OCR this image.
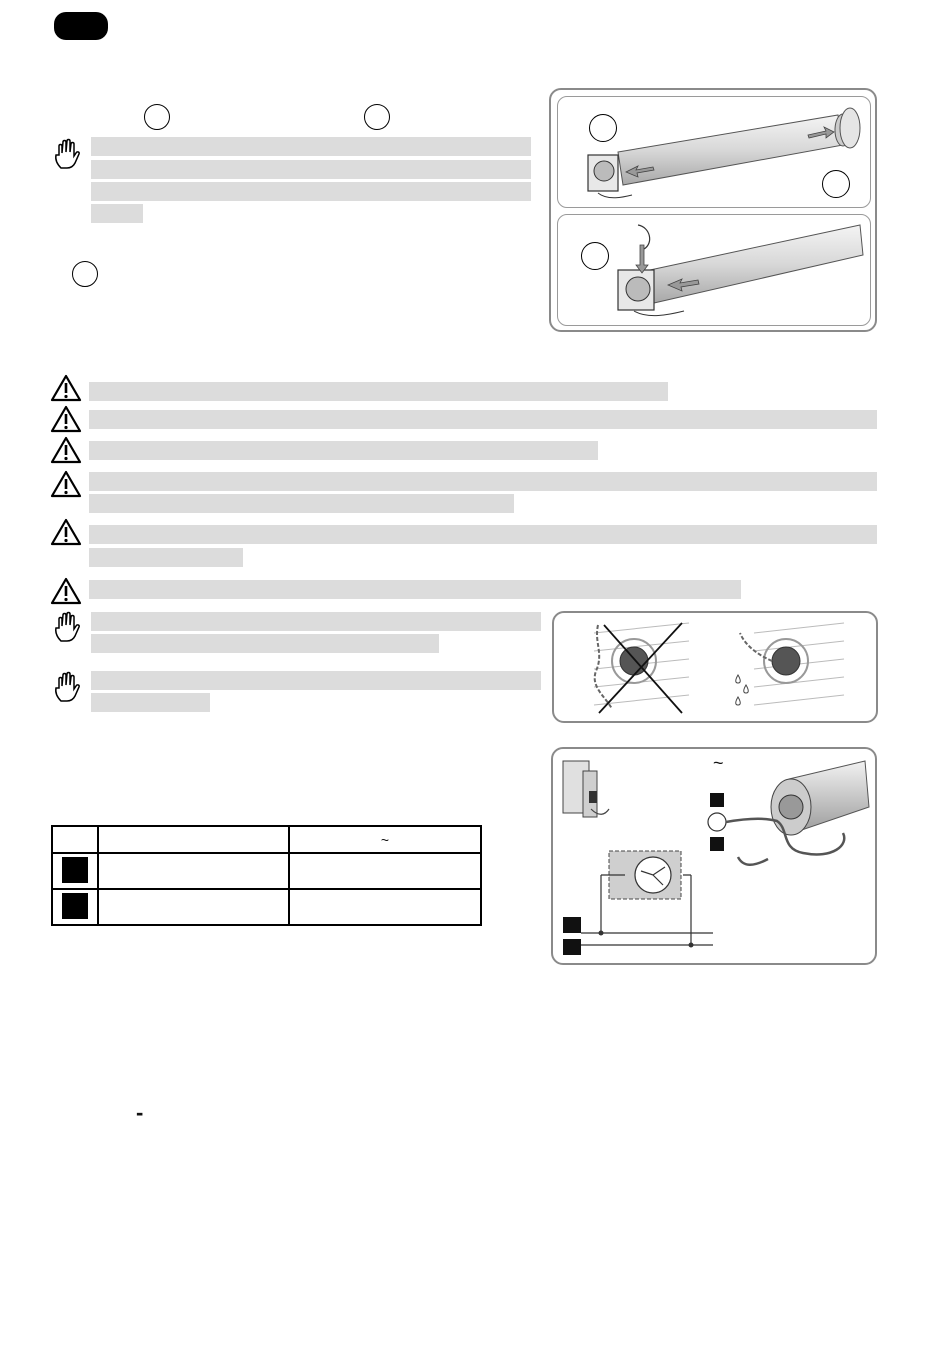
		~

~
-
